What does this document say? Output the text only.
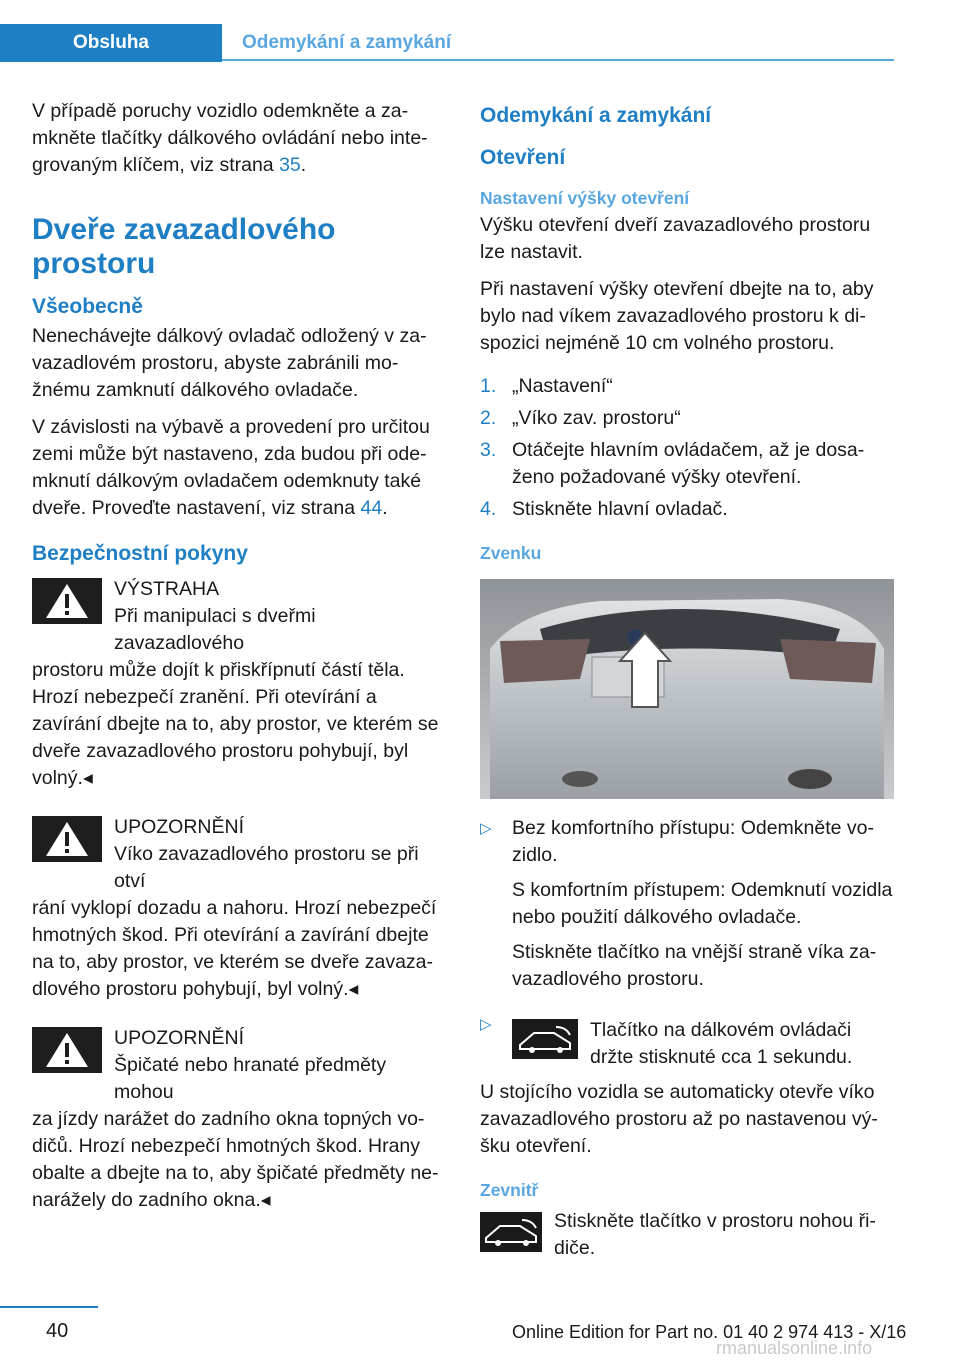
Obsluha	Odemykání a zamykání

V případě poruchy vozidlo odemkněte a zamkněte tlačítky dálkového ovládání nebo integrovaným klíčem, viz strana 35.

Dveře zavazadlového prostoru
Všeobecně

Nenechávejte dálkový ovladač odložený v zavazadlovém prostoru, abyste zabránili možnému zamknutí dálkového ovladače.

V závislosti na výbavě a provedení pro určitou zemi může být nastaveno, zda budou při odemknutí dálkovým ovladačem odemknuty také dveře. Proveďte nastavení, viz strana 44.

Bezpečnostní pokyny
VÝSTRAHA
Při manipulaci s dveřmi zavazadlového
prostoru může dojít k přiskřípnutí částí těla. Hrozí nebezpečí zranění. Při otevírání a zavírání dbejte na to, aby prostor, ve kterém se dveře zavazadlového prostoru pohybují, byl volný.◂
UPOZORNĚNÍ
Víko zavazadlového prostoru se při otví
rání vyklopí dozadu a nahoru. Hrozí nebezpečí hmotných škod. Při otevírání a zavírání dbejte na to, aby prostor, ve kterém se dveře zavazadlového prostoru pohybují, byl volný.◂
UPOZORNĚNÍ
Špičaté nebo hranaté předměty mohou
za jízdy narážet do zadního okna topných vodičů. Hrozí nebezpečí hmotných škod. Hrany obalte a dbejte na to, aby špičaté předměty nenarážely do zadního okna.◂
Odemykání a zamykání
Otevření
Nastavení výšky otevření

Výšku otevření dveří zavazadlového prostoru lze nastavit.

Při nastavení výšky otevření dbejte na to, aby bylo nad víkem zavazadlového prostoru k dispozici nejméně 10 cm volného prostoru.

1. „Nastavení“
2. „Víko zav. prostoru“
3. Otáčejte hlavním ovládačem, až je dosaženo požadované výšky otevření.
4. Stiskněte hlavní ovladač.
Zvenku
▷	Bez komfortního přístupu: Odemkněte vozidlo.

S komfortním přístupem: Odemknutí vozidla nebo použití dálkového ovladače.

Stiskněte tlačítko na vnější straně víka zavazadlového prostoru.

▷	Tlačítko na dálkovém ovládači držte stisknuté cca 1 sekundu.

U stojícího vozidla se automaticky otevře víko zavazadlového prostoru až po nastavenou výšku otevření.

Zevnitř
Stiskněte tlačítko v prostoru nohou řidiče.
40	Online Edition for Part no. 01 40 2 974 413 - X/16
rmanualsonline.info
